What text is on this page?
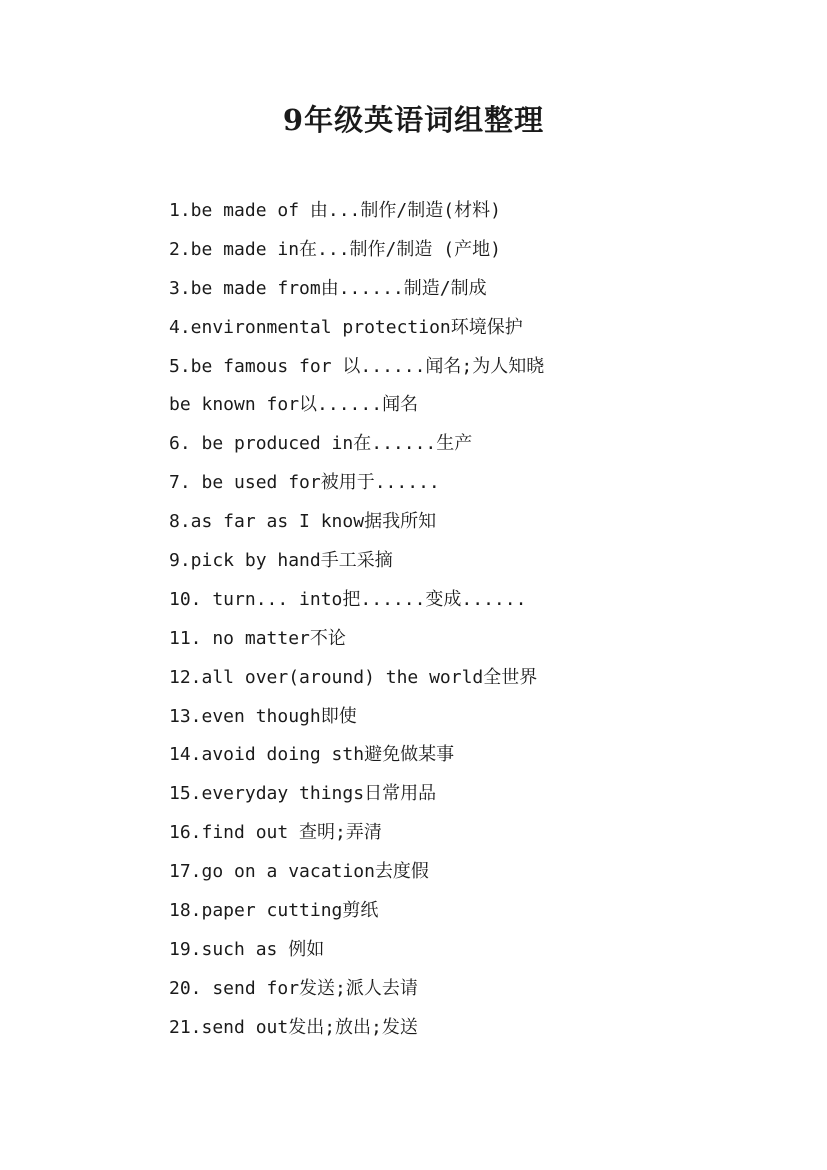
9年级英语词组整理
1.be made of 由...制作/制造(材料)
2.be made in在...制作/制造 (产地)
3.be made from由......制造/制成
4.environmental protection环境保护
5.be famous for 以......闻名;为人知晓
be known for以......闻名
6. be produced in在......生产
7. be used for被用于......
8.as far as I know据我所知
9.pick by hand手工采摘
10. turn... into把......变成......
11. no matter不论
12.all over(around) the world全世界
13.even though即使
14.avoid doing sth避免做某事
15.everyday things日常用品
16.find out 查明;弄清
17.go on a vacation去度假
18.paper cutting剪纸
19.such as 例如
20. send for发送;派人去请
21.send out发出;放出;发送
